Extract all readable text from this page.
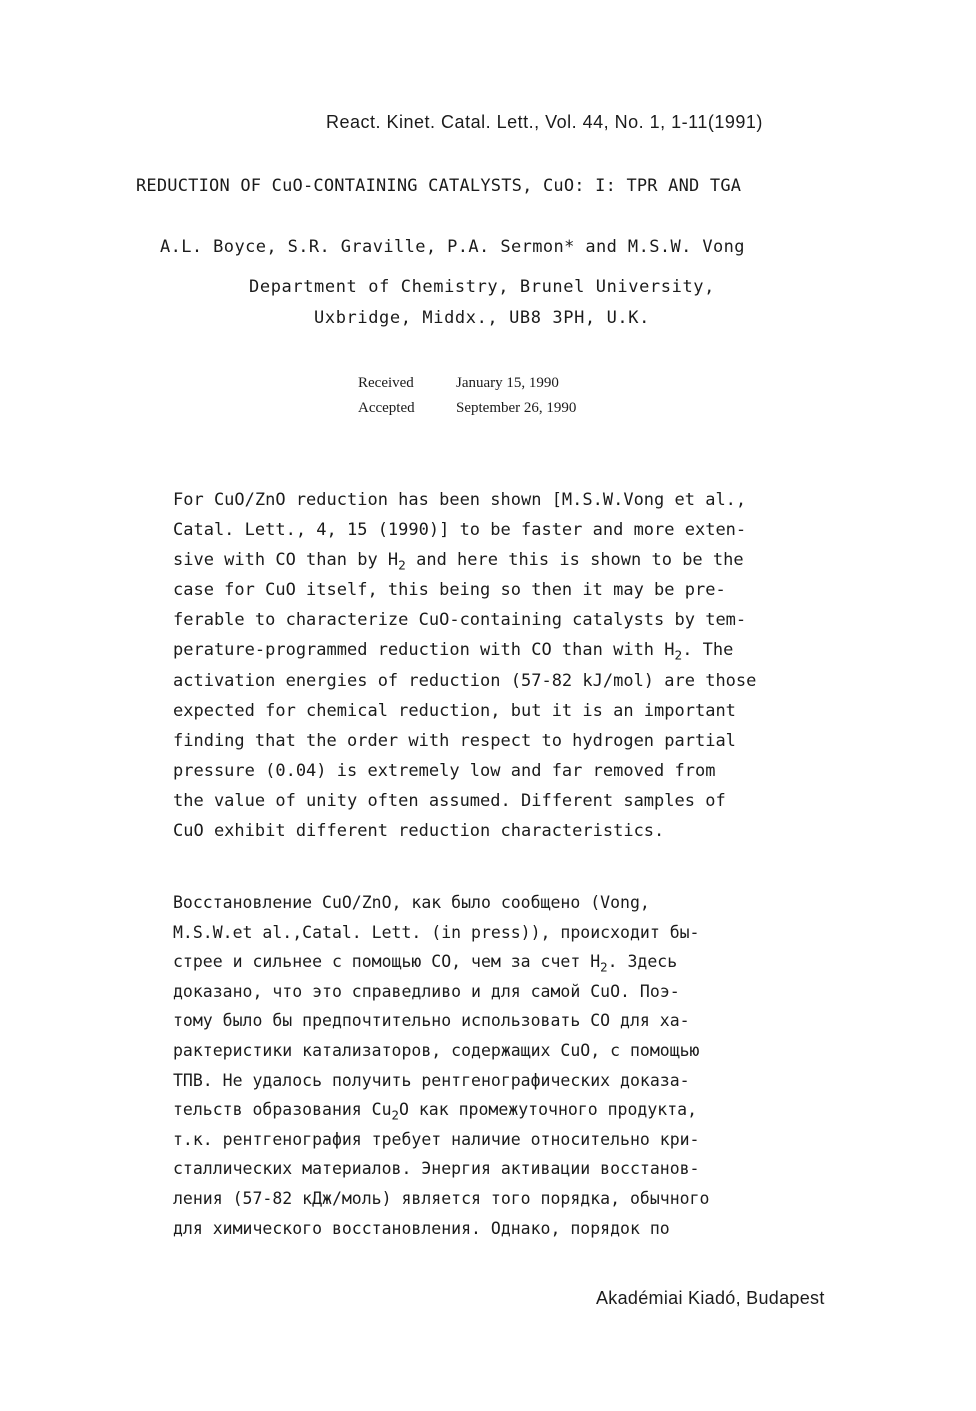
React. Kinet. Catal. Lett., Vol. 44, No. 1, 1-11(1991)
REDUCTION OF CuO-CONTAINING CATALYSTS, CuO: I: TPR AND TGA
A.L. Boyce, S.R. Graville, P.A. Sermon* and M.S.W. Vong
Department of Chemistry, Brunel University,
Uxbridge, Middx., UB8 3PH, U.K.
Received	January 15, 1990
Accepted	September 26, 1990
For CuO/ZnO reduction has been shown [M.S.W.Vong et al.,
Catal. Lett., 4, 15 (1990)] to be faster and more exten-
sive with CO than by $H_2$ and here this is shown to be the
case for CuO itself, this being so then it may be pre-
ferable to characterize CuO-containing catalysts by tem-
perature-programmed reduction with CO than with $H_2$. The
activation energies of reduction (57-82 kJ/mol) are those
expected for chemical reduction, but it is an important
finding that the order with respect to hydrogen partial
pressure (0.04) is extremely low and far removed from
the value of unity often assumed. Different samples of
CuO exhibit different reduction characteristics.
Восстановление CuO/ZnO, как было сообщено (Vong,
M.S.W.et al.,Catal. Lett. (in press)), происходит бы-
стрее и сильнее с помощью CO, чем за счет $H_2$. Здесь
доказано, что это справедливо и для самой CuO. Поэ-
тому было бы предпочтительно использовать CO для ха-
рактеристики катализаторов, содержащих CuO, с помощью
ТПВ. Не удалось получить рентгенографических доказа-
тельств образования $Cu_2O$ как промежуточного продукта,
т.к. рентгенография требует наличие относительно кри-
сталлических материалов. Энергия активации восстанов-
ления (57-82 кДж/моль) является того порядка, обычного
для химического восстановления. Однако, порядок по
Akadémiai Kiadó, Budapest
